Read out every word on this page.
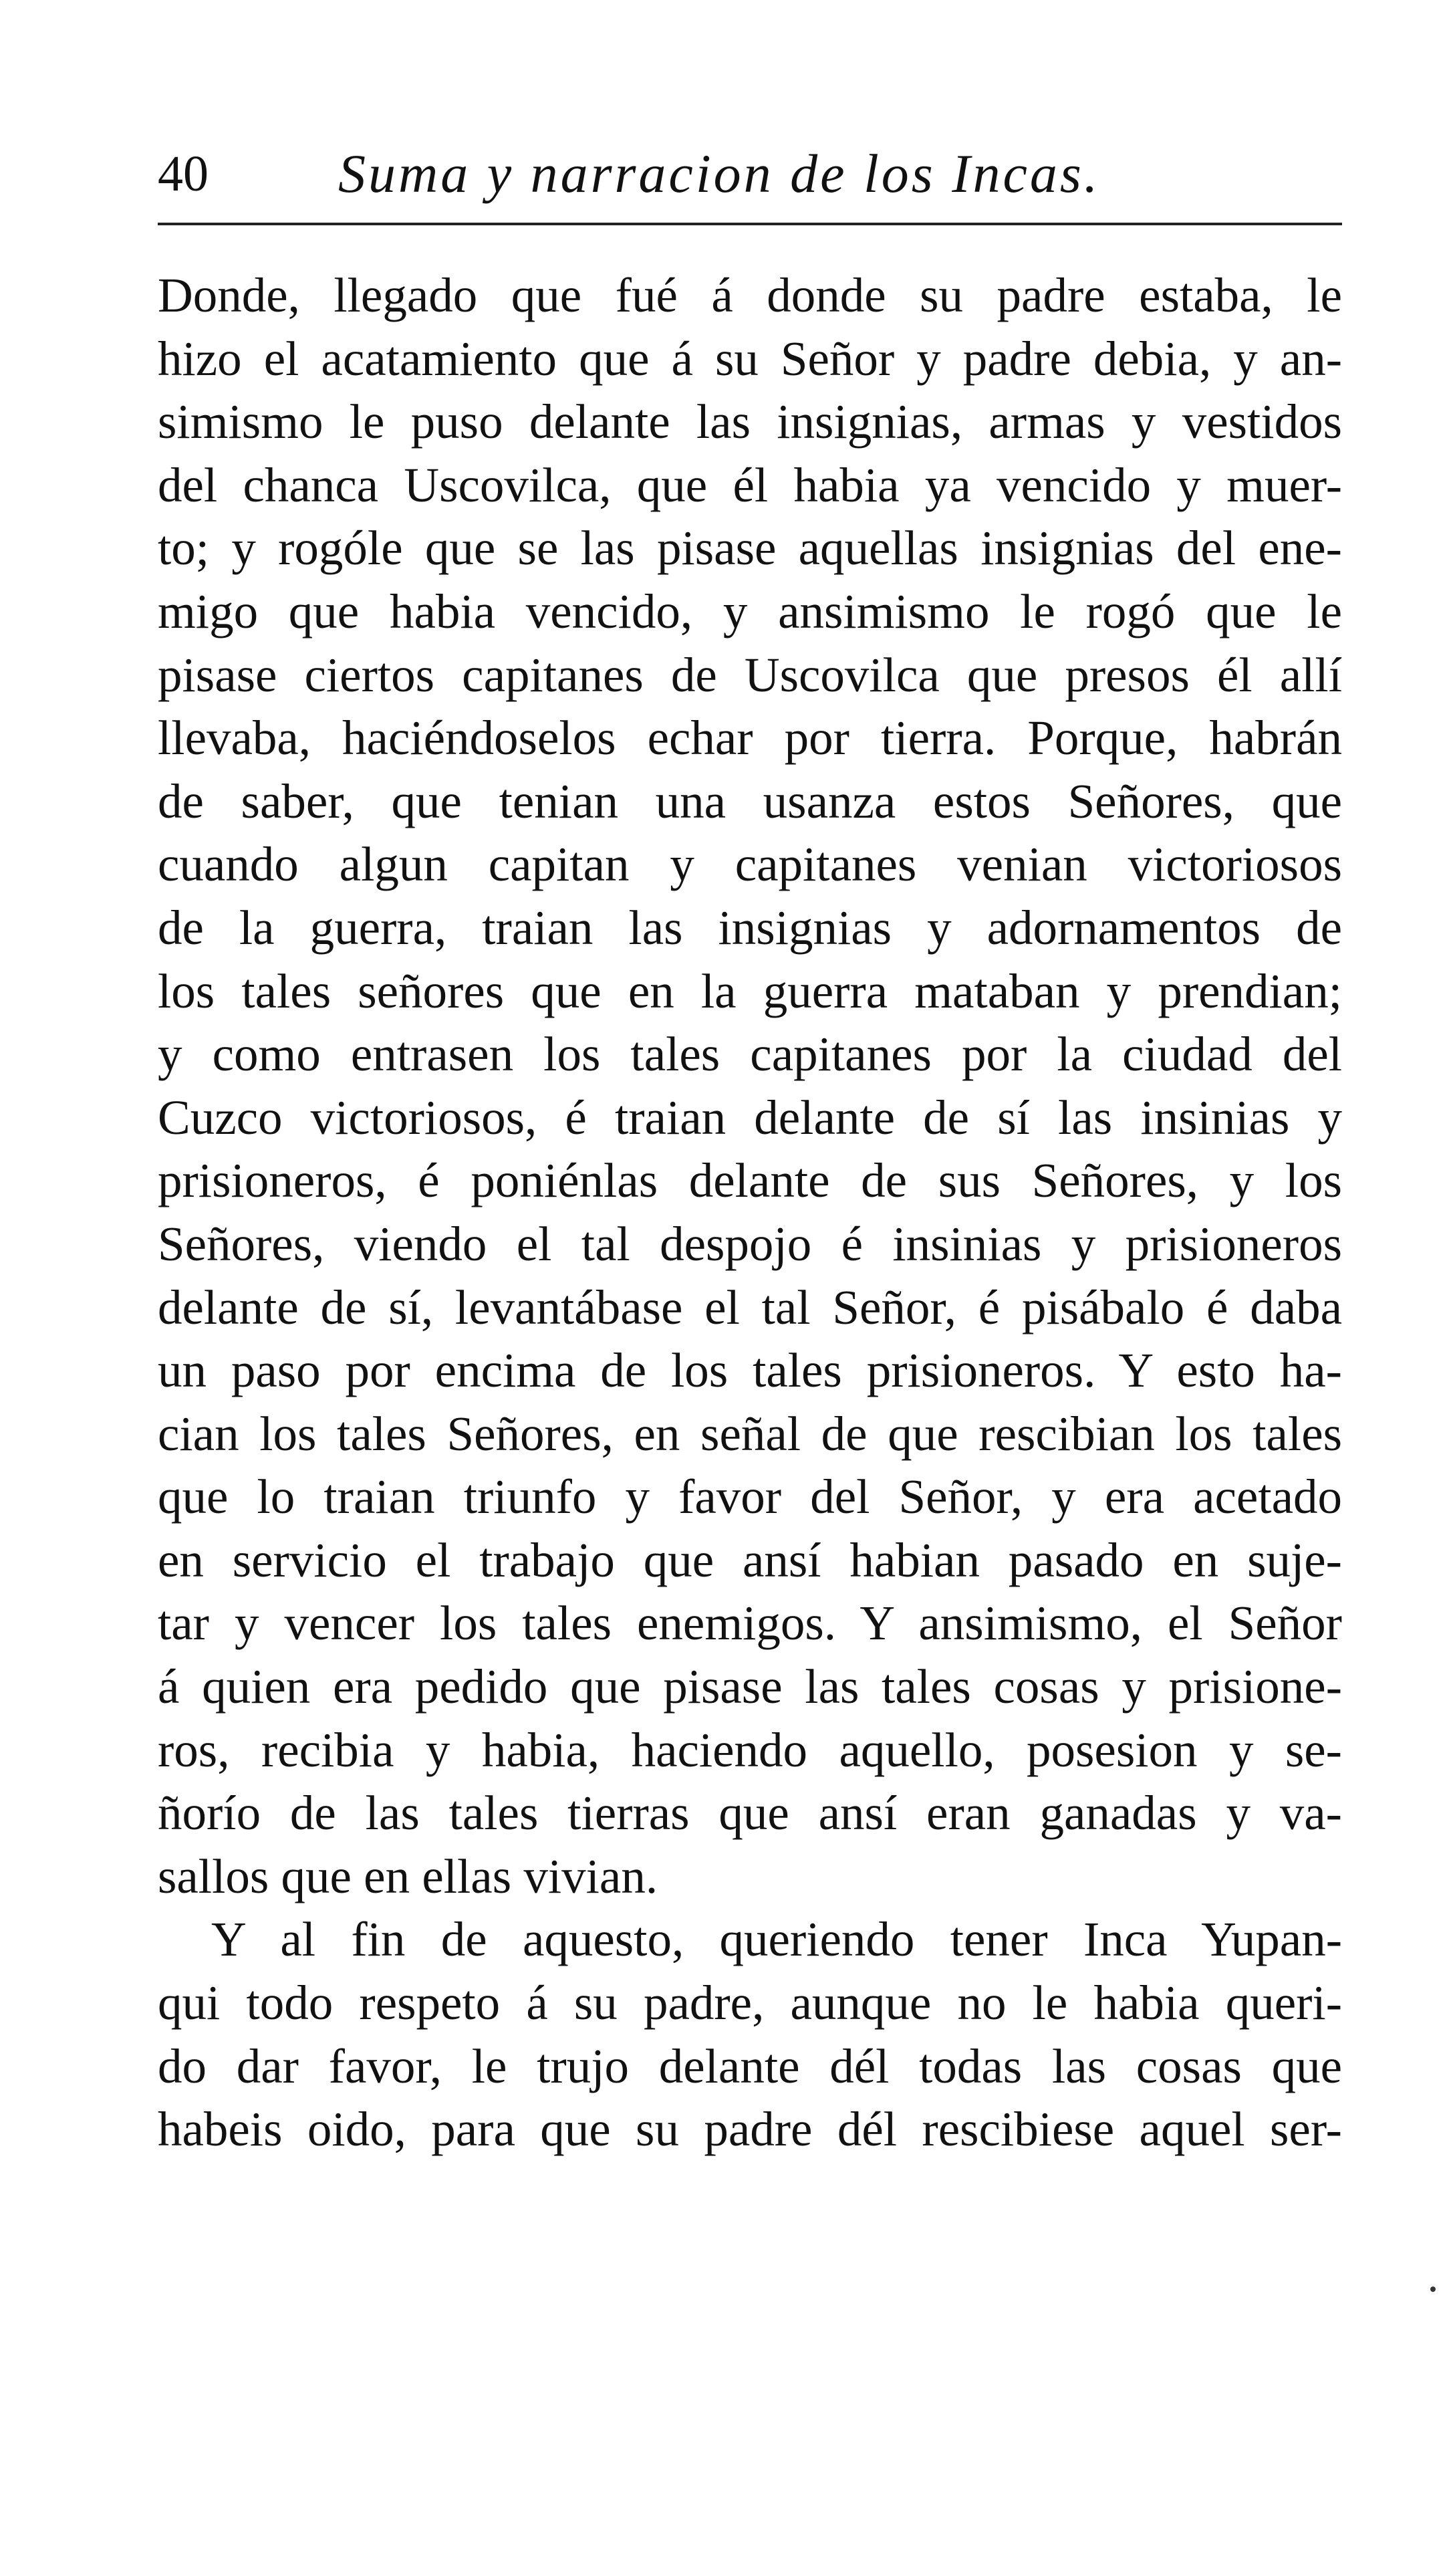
40 Suma y narracion de los Incas.
Donde, llegado que fué á donde su padre estaba, le
hizo el acatamiento que á su Señor y padre debia, y an-
simismo le puso delante las insignias, armas y vestidos
del chanca Uscovilca, que él habia ya vencido y muer-
to; y rogóle que se las pisase aquellas insignias del ene-
migo que habia vencido, y ansimismo le rogó que le
pisase ciertos capitanes de Uscovilca que presos él allí
llevaba, haciéndoselos echar por tierra. Porque, habrán
de saber, que tenian una usanza estos Señores, que
cuando algun capitan y capitanes venian victoriosos
de la guerra, traian las insignias y adornamentos de
los tales señores que en la guerra mataban y prendian;
y como entrasen los tales capitanes por la ciudad del
Cuzco victoriosos, é traian delante de sí las insinias y
prisioneros, é poniénlas delante de sus Señores, y los
Señores, viendo el tal despojo é insinias y prisioneros
delante de sí, levantábase el tal Señor, é pisábalo é daba
un paso por encima de los tales prisioneros. Y esto ha-
cian los tales Señores, en señal de que rescibian los tales
que lo traian triunfo y favor del Señor, y era acetado
en servicio el trabajo que ansí habian pasado en suje-
tar y vencer los tales enemigos. Y ansimismo, el Señor
á quien era pedido que pisase las tales cosas y prisione-
ros, recibia y habia, haciendo aquello, posesion y se-
ñorío de las tales tierras que ansí eran ganadas y va-
sallos que en ellas vivian.
Y al fin de aquesto, queriendo tener Inca Yupan-
qui todo respeto á su padre, aunque no le habia queri-
do dar favor, le trujo delante dél todas las cosas que
habeis oido, para que su padre dél rescibiese aquel ser-
